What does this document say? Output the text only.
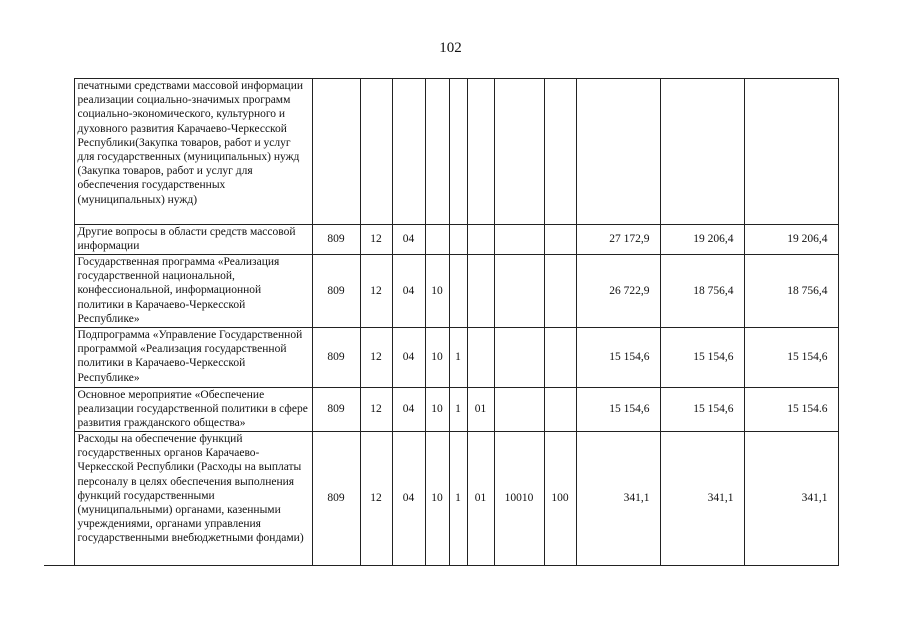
102
	печатными средствами массовой информации реализации социально-значимых программ социально-экономического, культурного и духовного развития Карачаево-Черкесской Республики(Закупка товаров, работ и услуг для государственных (муниципальных) нужд (Закупка товаров, работ и услуг для обеспечения государственных (муниципальных) нужд)											
	Другие вопросы в области средств массовой информации	809	12	04						27 172,9	19 206,4	19 206,4
	Государственная программа «Реализация государственной национальной, конфессиональной, информационной политики в Карачаево-Черкесской Республике»	809	12	04	10					26 722,9	18 756,4	18 756,4
	Подпрограмма «Управление Государственной программой «Реализация государственной политики в Карачаево-Черкесской Республике»	809	12	04	10	1				15 154,6	15 154,6	15 154,6
	Основное мероприятие «Обеспечение реализации государственной политики в сфере развития гражданского общества»	809	12	04	10	1	01			15 154,6	15 154,6	15 154.6
	Расходы на обеспечение функций государственных органов Карачаево-Черкесской Республики (Расходы на выплаты персоналу в целях обеспечения выполнения функций государственными (муниципальными) органами, казенными учреждениями, органами управления государственными внебюджетными фондами)	809	12	04	10	1	01	10010	100	341,1	341,1	341,1
